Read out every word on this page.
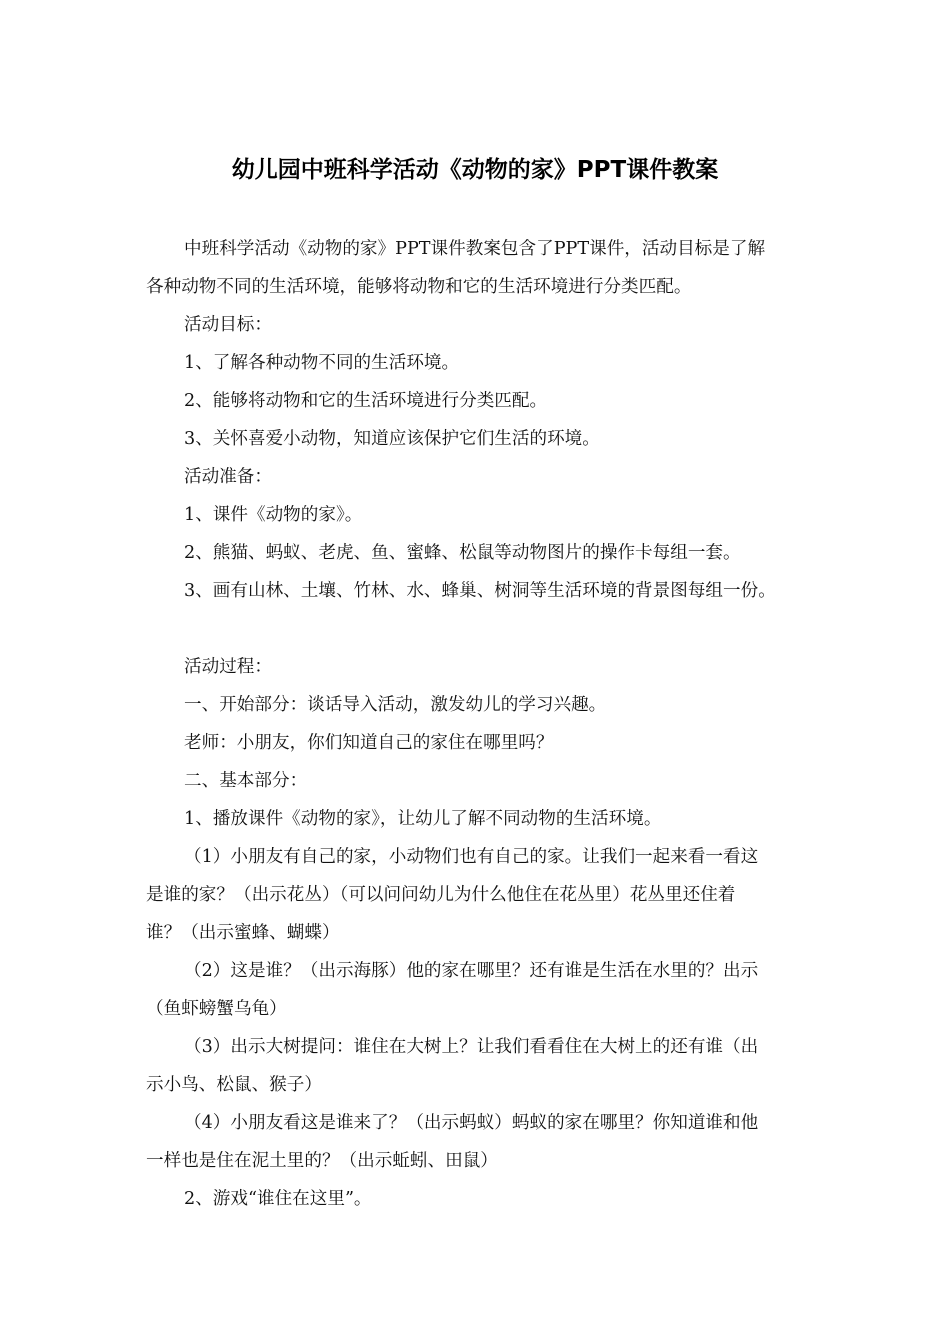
幼儿园中班科学活动《动物的家》PPT课件教案

中班科学活动《动物的家》PPT课件教案包含了PPT课件，活动目标是了解
各种动物不同的生活环境，能够将动物和它的生活环境进行分类匹配。

活动目标：

1、了解各种动物不同的生活环境。

2、能够将动物和它的生活环境进行分类匹配。

3、关怀喜爱小动物，知道应该保护它们生活的环境。

活动准备：

1、课件《动物的家》。

2、熊猫、蚂蚁、老虎、鱼、蜜蜂、松鼠等动物图片的操作卡每组一套。

3、画有山林、土壤、竹林、水、蜂巢、树洞等生活环境的背景图每组一份。

活动过程：

一、开始部分：谈话导入活动，激发幼儿的学习兴趣。

老师：小朋友，你们知道自己的家住在哪里吗？

二、基本部分：

1、播放课件《动物的家》，让幼儿了解不同动物的生活环境。

（1）小朋友有自己的家，小动物们也有自己的家。让我们一起来看一看这
是谁的家？（出示花丛）（可以问问幼儿为什么他住在花丛里）花丛里还住着
谁？（出示蜜蜂、蝴蝶）

（2）这是谁？（出示海豚）他的家在哪里？还有谁是生活在水里的？出示
（鱼虾螃蟹乌龟）

（3）出示大树提问：谁住在大树上？让我们看看住在大树上的还有谁（出
示小鸟、松鼠、猴子）

（4）小朋友看这是谁来了？（出示蚂蚁）蚂蚁的家在哪里？你知道谁和他
一样也是住在泥土里的？（出示蚯蚓、田鼠）

2、游戏“谁住在这里”。
